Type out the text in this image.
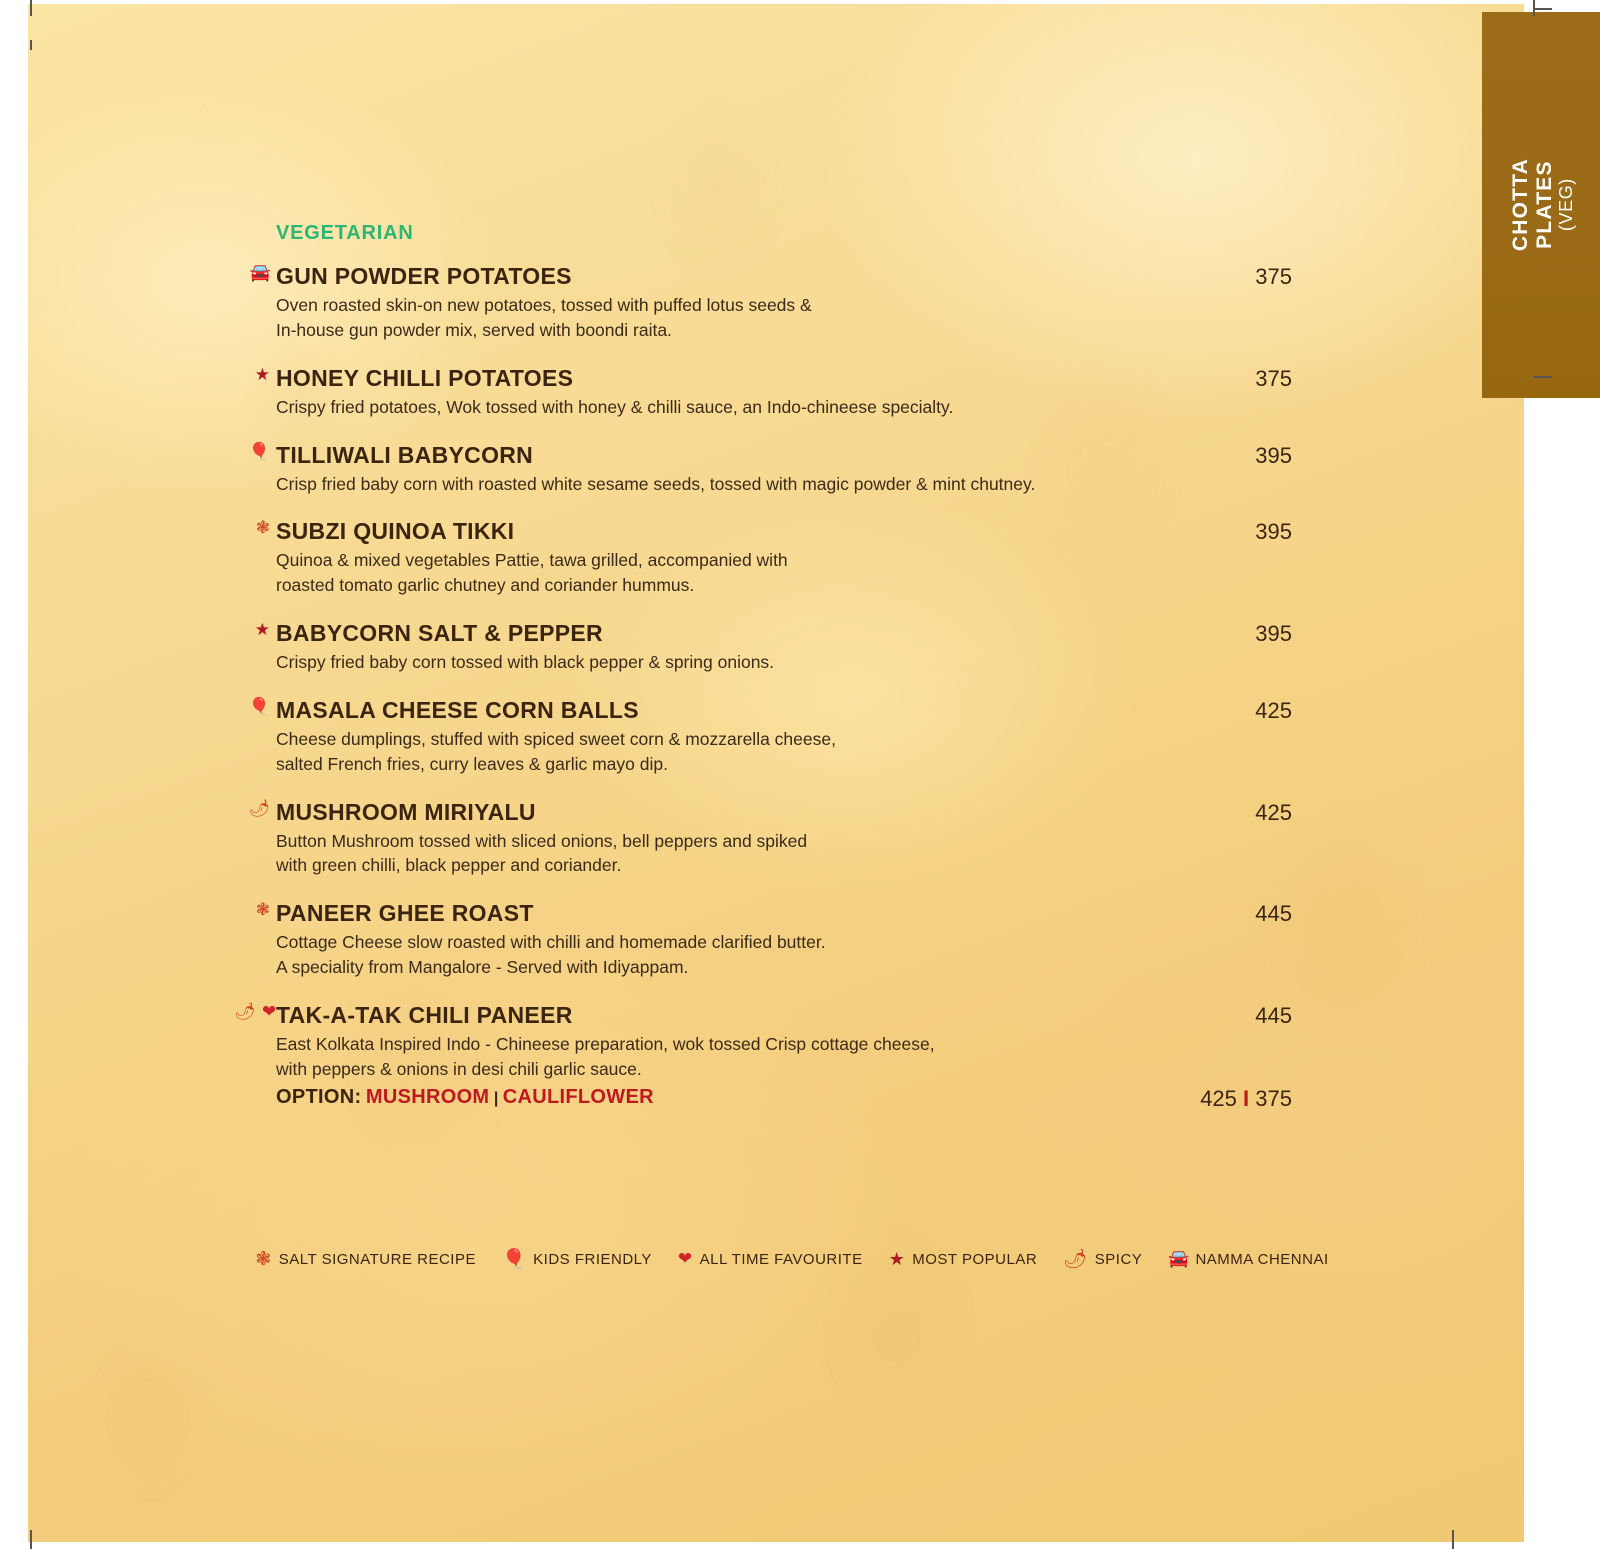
VEGETARIAN
🚘 GUN POWDER POTATOES	375
Oven roasted skin-on new potatoes, tossed with puffed lotus seeds &
In-house gun powder mix, served with boondi raita.
★ HONEY CHILLI POTATOES	375
Crispy fried potatoes, Wok tossed with honey & chilli sauce, an Indo-chineese specialty.
🎈 TILLIWALI BABYCORN	395
Crisp fried baby corn with roasted white sesame seeds, tossed with magic powder & mint chutney.
❃ SUBZI QUINOA TIKKI	395
Quinoa & mixed vegetables Pattie, tawa grilled, accompanied with
roasted tomato garlic chutney and coriander hummus.
★ BABYCORN SALT & PEPPER	395
Crispy fried baby corn tossed with black pepper & spring onions.
🎈 MASALA CHEESE CORN BALLS	425
Cheese dumplings, stuffed with spiced sweet corn & mozzarella cheese,
salted French fries, curry leaves & garlic mayo dip.
🌶 MUSHROOM MIRIYALU	425
Button Mushroom tossed with sliced onions, bell peppers and spiked
with green chilli, black pepper and coriander.
❃ PANEER GHEE ROAST	445
Cottage Cheese slow roasted with chilli and homemade clarified butter.
A speciality from Mangalore - Served with Idiyappam.
🌶 ❤ TAK-A-TAK CHILI PANEER	445
East Kolkata Inspired Indo - Chineese preparation, wok tossed Crisp cottage cheese,
with peppers & onions in desi chili garlic sauce.
OPTION: MUSHROOM | CAULIFLOWER	425 I 375
❃ SALT SIGNATURE RECIPE 🎈 KIDS FRIENDLY ❤ ALL TIME FAVOURITE ★ MOST POPULAR 🌶 SPICY 🚘 NAMMA CHENNAI
CHOTTA PLATES (VEG)
